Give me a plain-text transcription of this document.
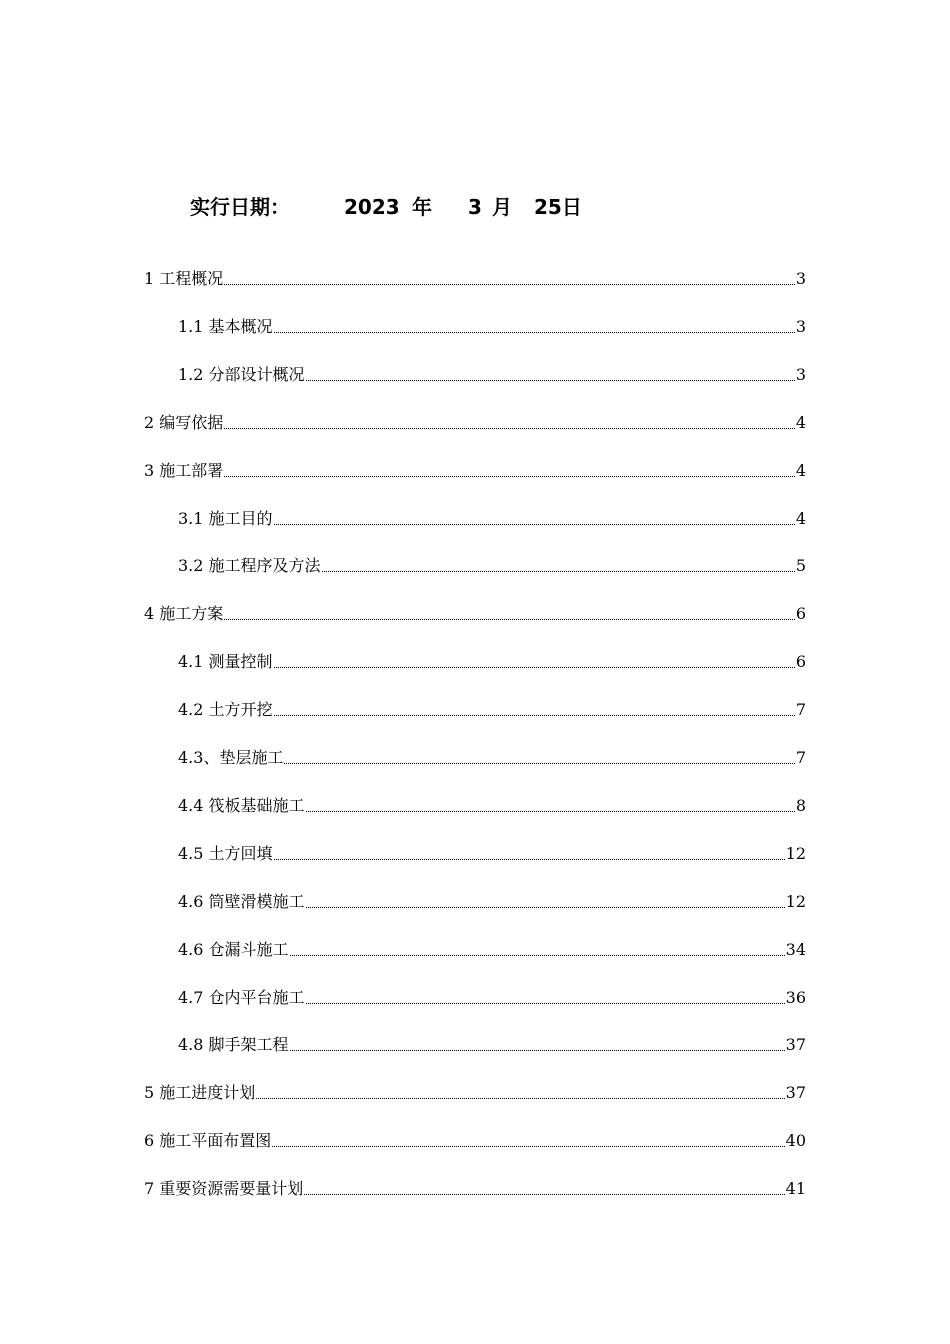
实行日期：	2023 年 3 月 25日
1 工程概况	3
1.1 基本概况	3
1.2 分部设计概况	3
2 编写依据	4
3 施工部署	4
3.1 施工目的	4
3.2 施工程序及方法	5
4 施工方案	6
4.1 测量控制	6
4.2 土方开挖	7
4.3、垫层施工	7
4.4 筏板基础施工	8
4.5 土方回填	12
4.6 筒壁滑模施工	12
4.6 仓漏斗施工	34
4.7 仓内平台施工	36
4.8 脚手架工程	37
5 施工进度计划	37
6 施工平面布置图	40
7 重要资源需要量计划	41
